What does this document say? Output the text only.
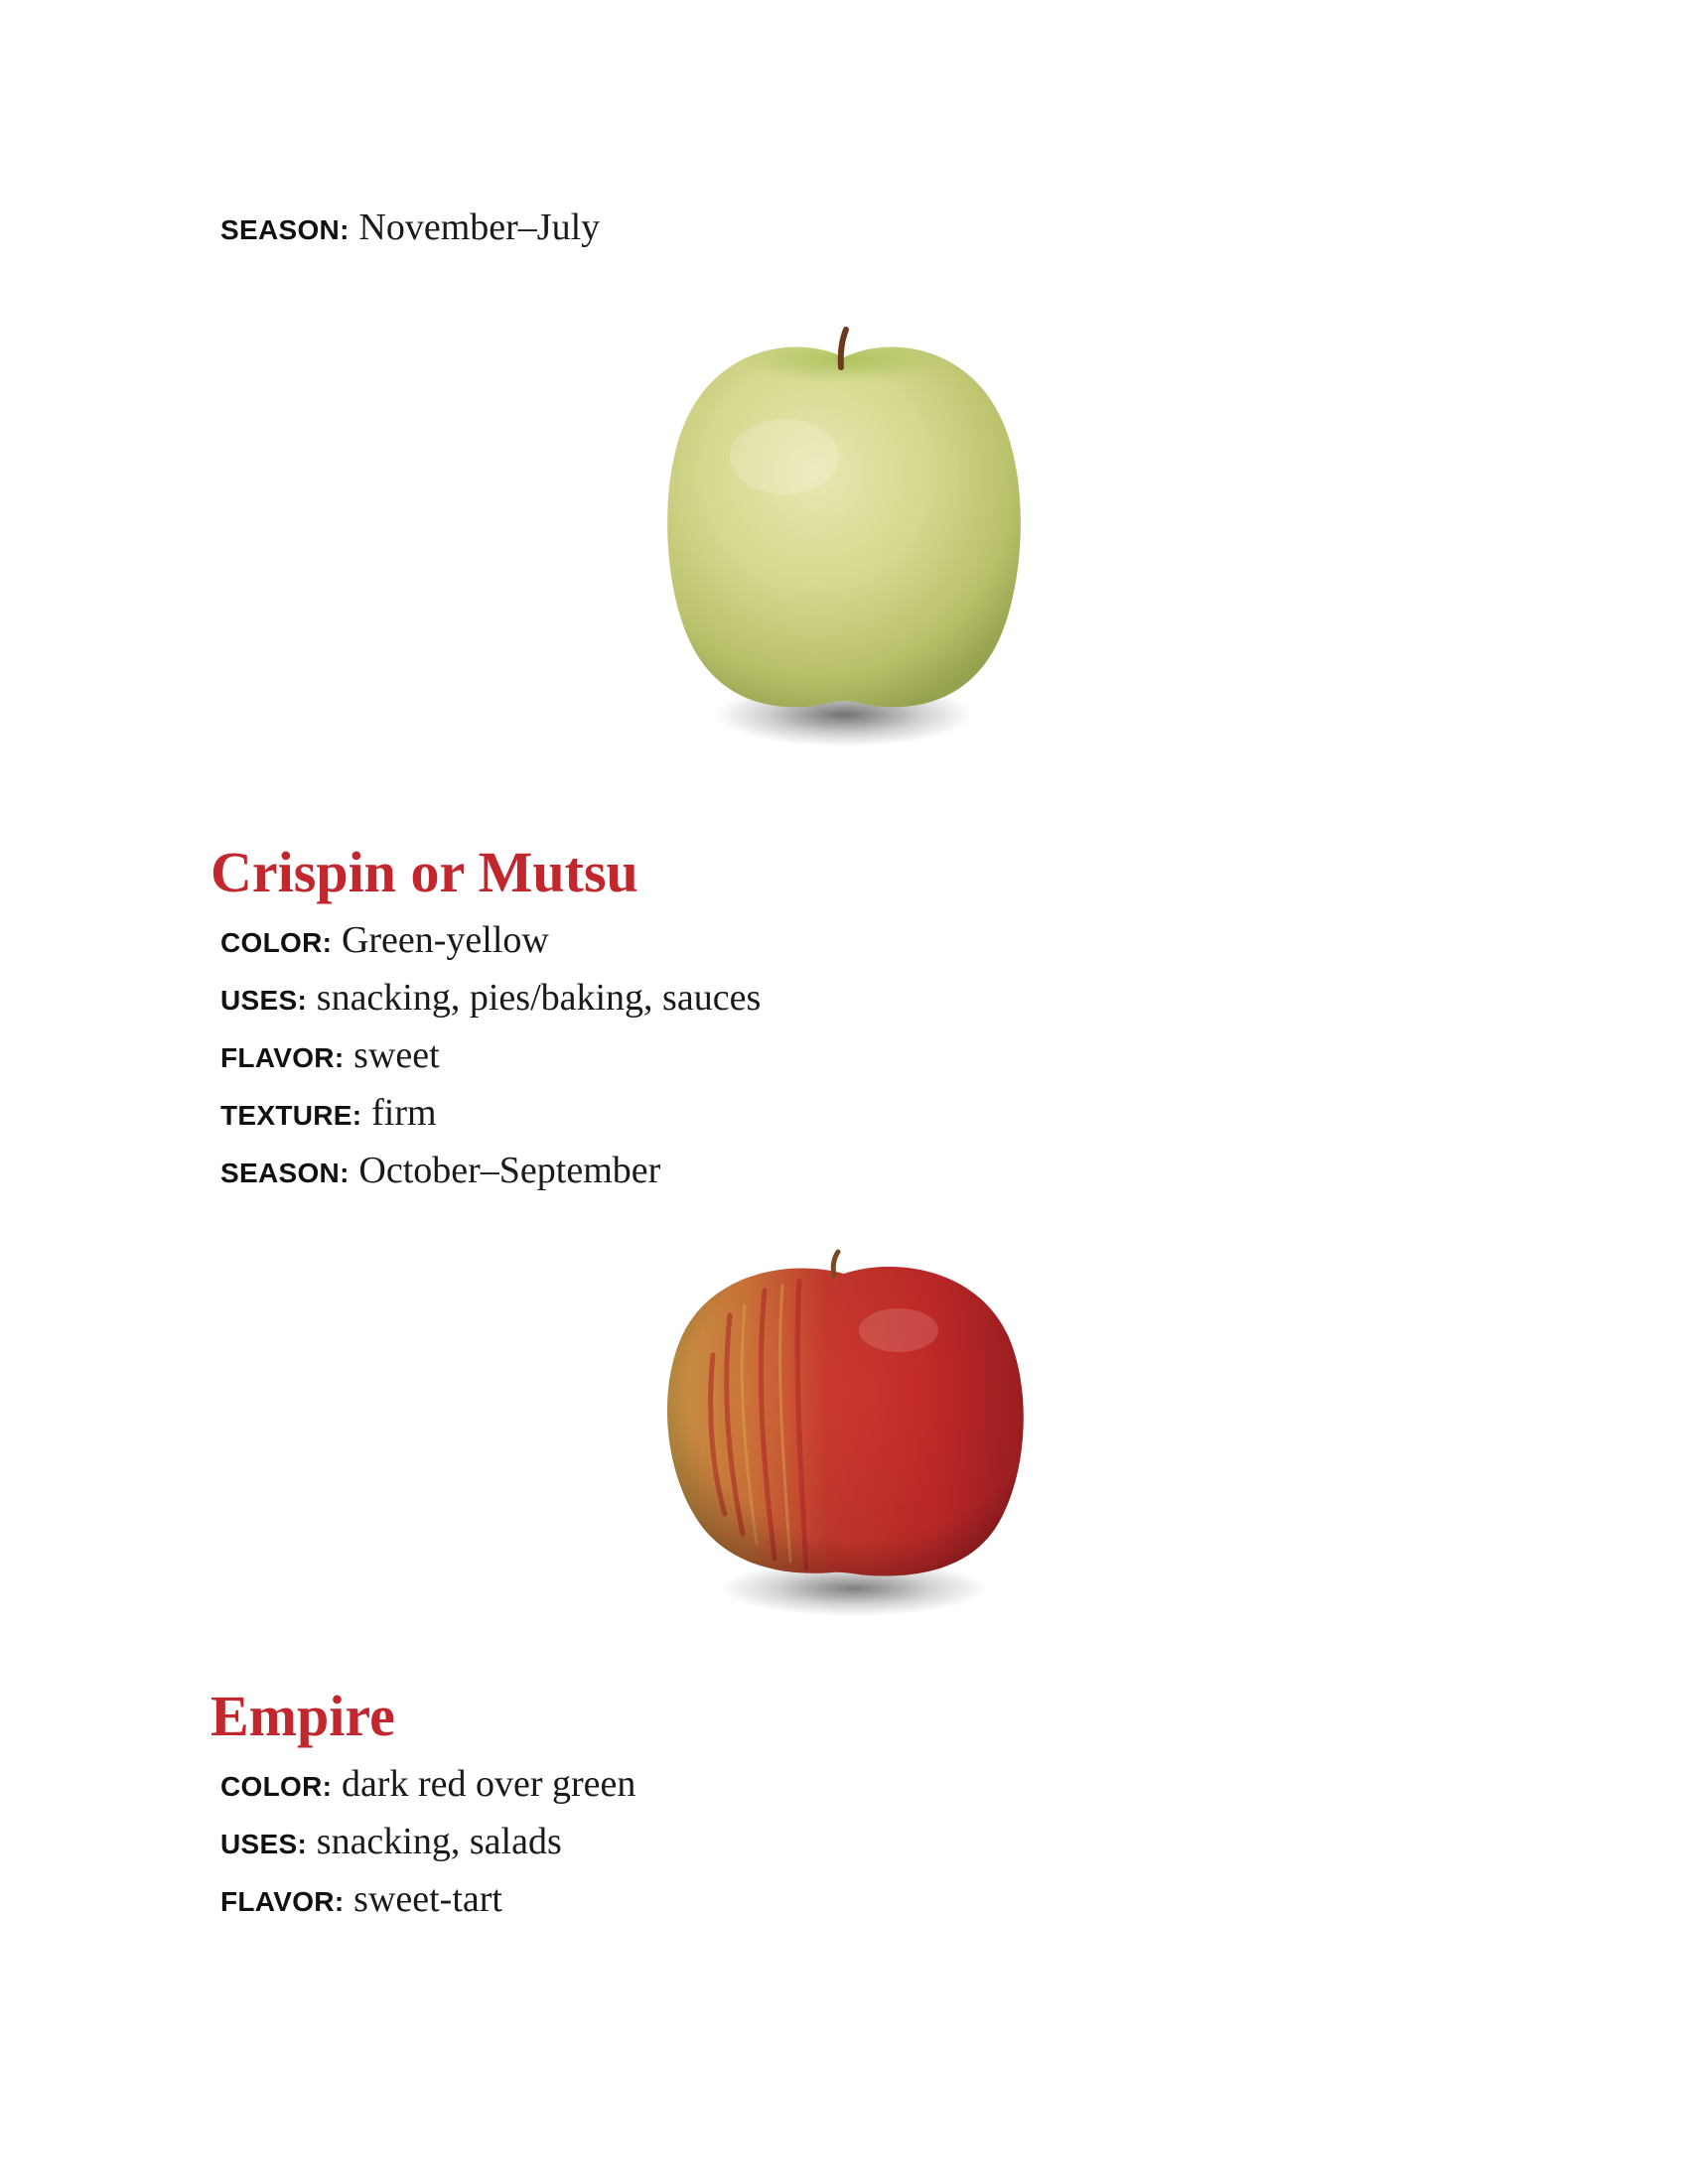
SEASON: November–July
Crispin or Mutsu
COLOR: Green-yellow
USES: snacking, pies/baking, sauces
FLAVOR: sweet
TEXTURE: firm
SEASON: October–September
Empire
COLOR: dark red over green
USES: snacking, salads
FLAVOR: sweet-tart
